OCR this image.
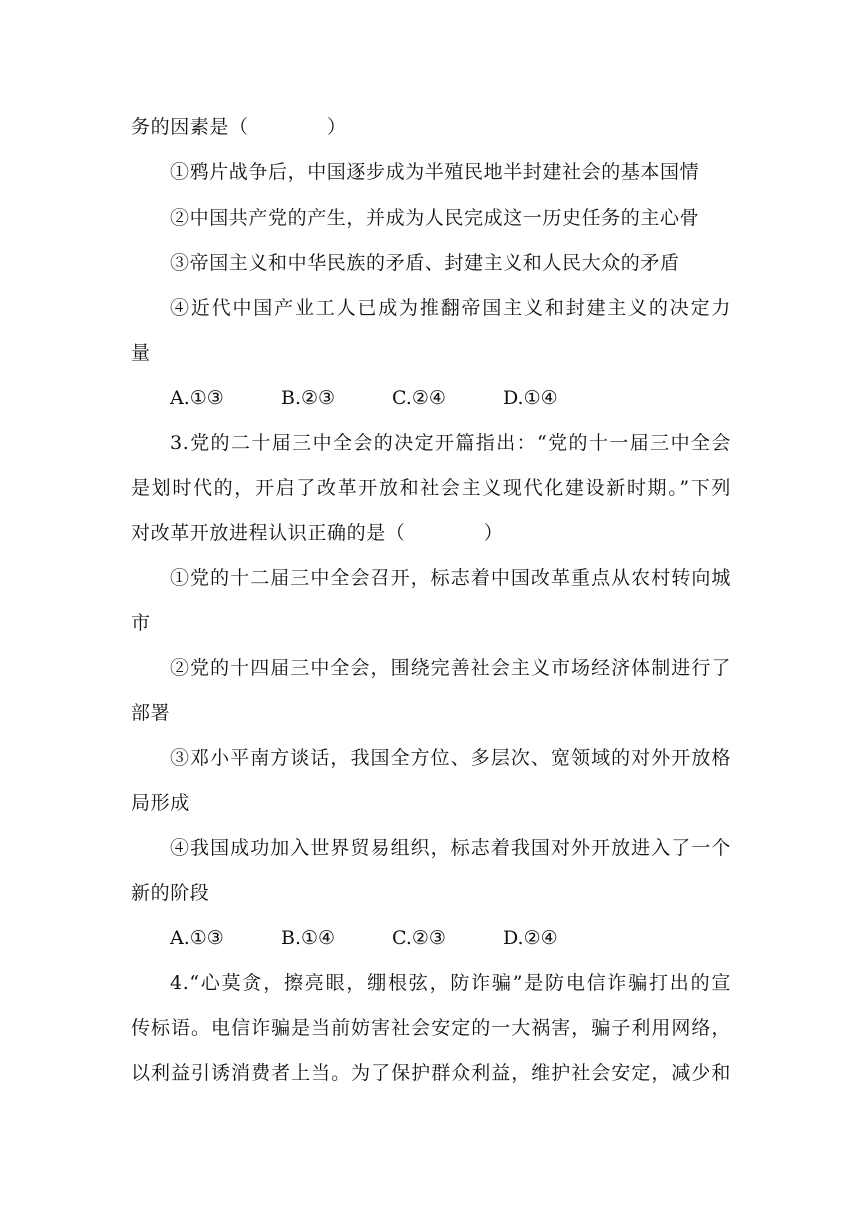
务的因素是（　　　　）
①鸦片战争后，中国逐步成为半殖民地半封建社会的基本国情
②中国共产党的产生，并成为人民完成这一历史任务的主心骨
③帝国主义和中华民族的矛盾、封建主义和人民大众的矛盾
④近代中国产业工人已成为推翻帝国主义和封建主义的决定力
量
A.①③	B.②③	C.②④	D.①④
3.党的二十届三中全会的决定开篇指出：“党的十一届三中全会
是划时代的，开启了改革开放和社会主义现代化建设新时期。”下列
对改革开放进程认识正确的是（　　　　）
①党的十二届三中全会召开，标志着中国改革重点从农村转向城
市
②党的十四届三中全会，围绕完善社会主义市场经济体制进行了
部署
③邓小平南方谈话，我国全方位、多层次、宽领域的对外开放格
局形成
④我国成功加入世界贸易组织，标志着我国对外开放进入了一个
新的阶段
A.①③	B.①④	C.②③	D.②④
4.“心莫贪，擦亮眼，绷根弦，防诈骗”是防电信诈骗打出的宣
传标语。电信诈骗是当前妨害社会安定的一大祸害，骗子利用网络，
以利益引诱消费者上当。为了保护群众利益，维护社会安定，减少和
